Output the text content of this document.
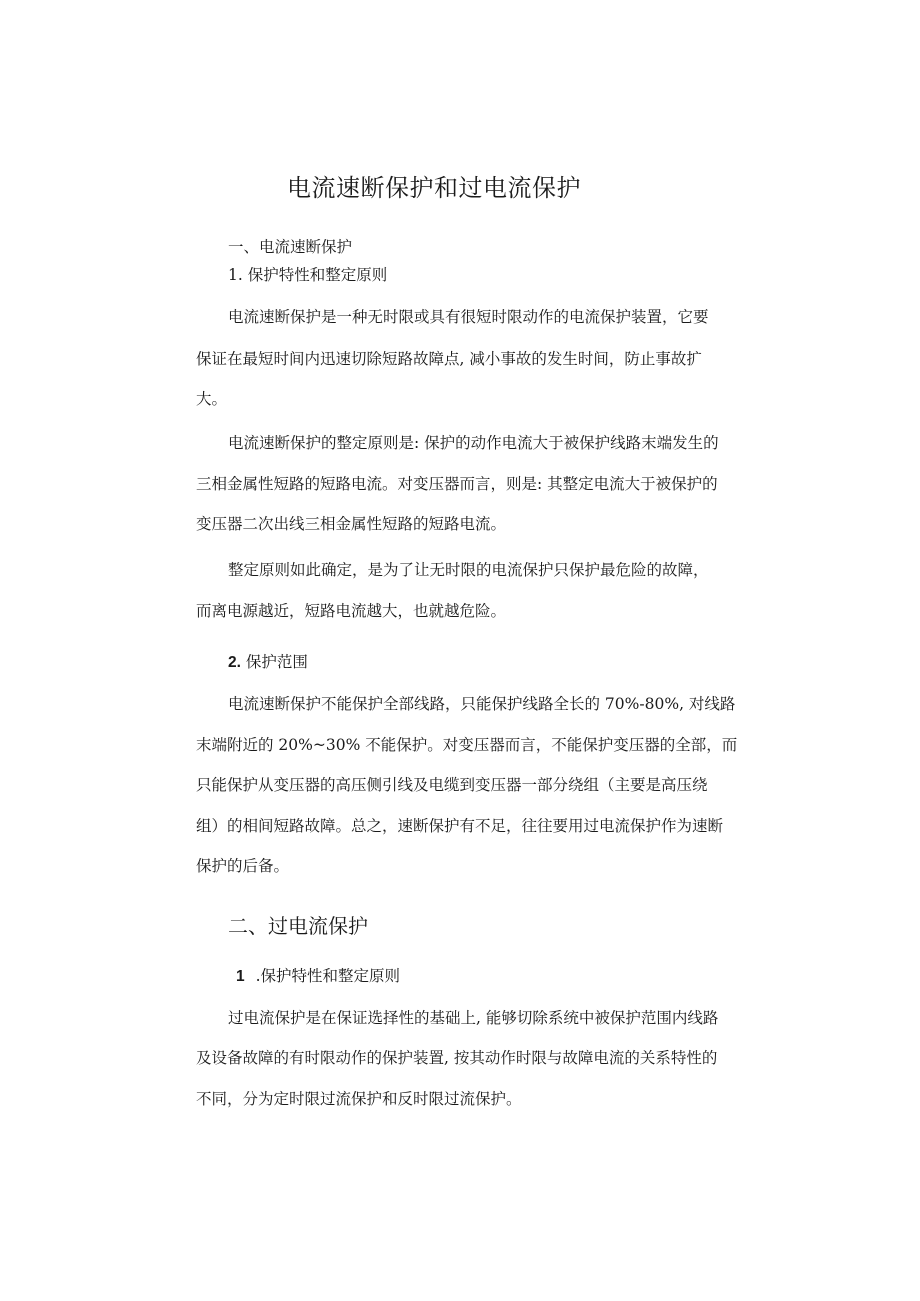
电流速断保护和过电流保护
一、电流速断保护
1. 保护特性和整定原则
电流速断保护是一种无时限或具有很短时限动作的电流保护装置，它要
保证在最短时间内迅速切除短路故障点, 减小事故的发生时间，防止事故扩
大。
电流速断保护的整定原则是: 保护的动作电流大于被保护线路末端发生的
三相金属性短路的短路电流。对变压器而言，则是: 其整定电流大于被保护的
变压器二次出线三相金属性短路的短路电流。
整定原则如此确定，是为了让无时限的电流保护只保护最危险的故障，
而离电源越近，短路电流越大，也就越危险。
2. 保护范围
电流速断保护不能保护全部线路，只能保护线路全长的 70%-80%, 对线路
末端附近的 20%~30% 不能保护。对变压器而言，不能保护变压器的全部，而
只能保护从变压器的高压侧引线及电缆到变压器一部分绕组（主要是高压绕
组）的相间短路故障。总之，速断保护有不足，往往要用过电流保护作为速断
保护的后备。
二、过电流保护
1 .保护特性和整定原则
过电流保护是在保证选择性的基础上, 能够切除系统中被保护范围内线路
及设备故障的有时限动作的保护装置, 按其动作时限与故障电流的关系特性的
不同，分为定时限过流保护和反时限过流保护。
